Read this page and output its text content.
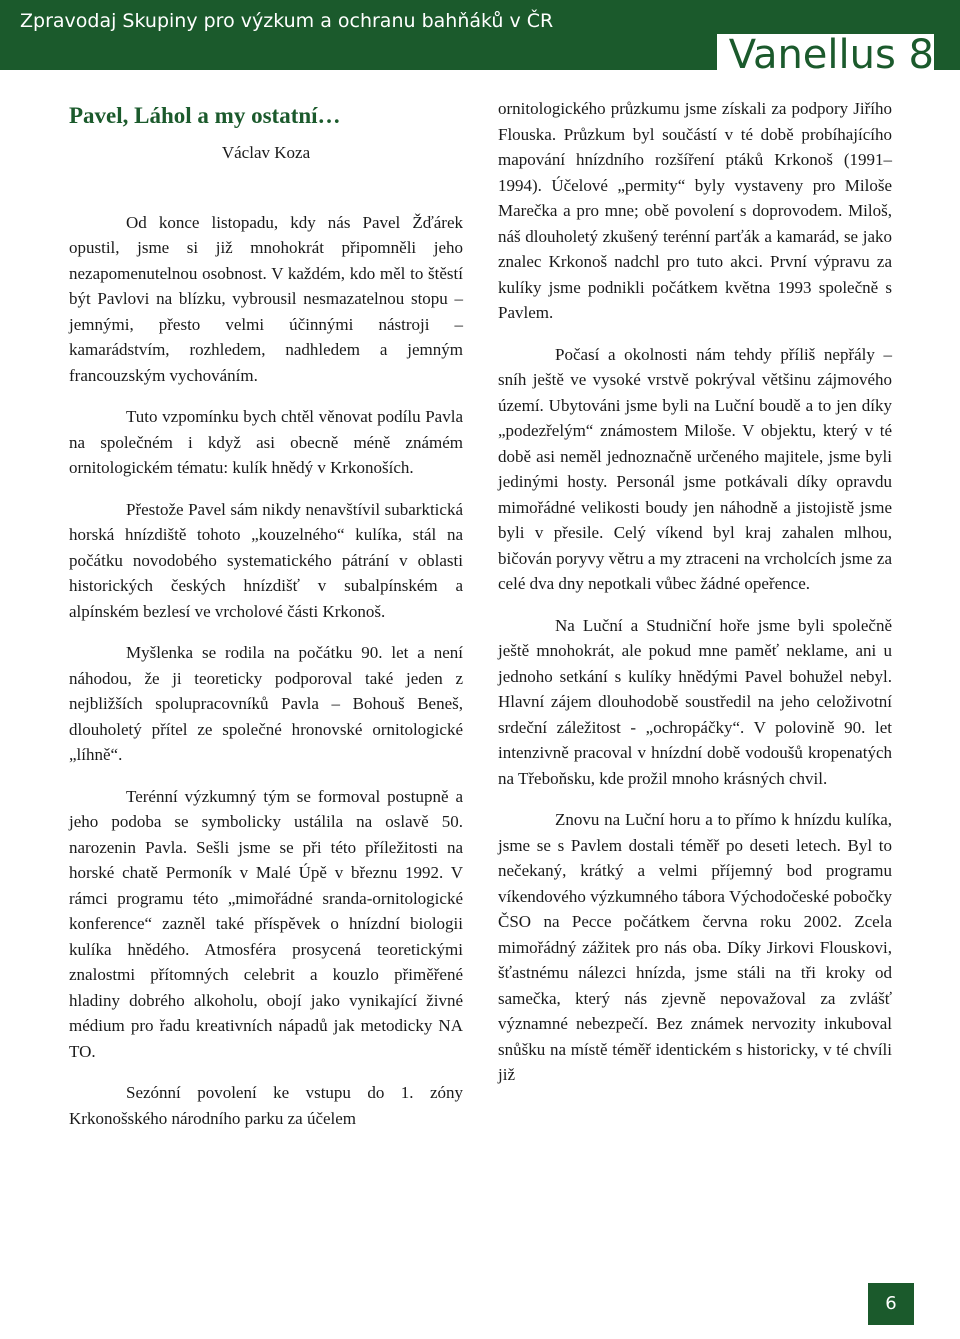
Zpravodaj Skupiny pro výzkum a ochranu bahňáků v ČR
Vanellus 8
Pavel, Láhol a my ostatní…
Václav Koza

Od konce listopadu, kdy nás Pavel Žďárek opustil, jsme si již mnohokrát připomněli jeho nezapomenutelnou osobnost. V každém, kdo měl to štěstí být Pavlovi na blízku, vybrousil nesmazatelnou stopu – jemnými, přesto velmi účinnými nástroji – kamarádstvím, rozhledem, nadhledem a jemným francouzským vychováním.

Tuto vzpomínku bych chtěl věnovat podílu Pavla na společném i když asi obecně méně známém ornitologickém tématu: kulík hnědý v Krkonoších.

Přestože Pavel sám nikdy nenavštívil subarktická horská hnízdiště tohoto „kouzelného“ kulíka, stál na počátku novodobého systematického pátrání v oblasti historických českých hnízdišť v subalpínském a alpínském bezlesí ve vrcholové části Krkonoš.

Myšlenka se rodila na počátku 90. let a není náhodou, že ji teoreticky podporoval také jeden z nejbližších spolupracovníků Pavla – Bohouš Beneš, dlouholetý přítel ze společné hronovské ornitologické „líhně“.

Terénní výzkumný tým se formoval postupně a jeho podoba se symbolicky ustálila na oslavě 50. narozenin Pavla. Sešli jsme se při této příležitosti na horské chatě Permoník v Malé Úpě v březnu 1992. V rámci programu této „mimořádné sranda-ornitologické konference“ zazněl také příspěvek o hnízdní biologii kulíka hnědého. Atmosféra prosycená teoretickými znalostmi přítomných celebrit a kouzlo přiměřené hladiny dobrého alkoholu, obojí jako vynikající živné médium pro řadu kreativních nápadů jak metodicky NA TO.

Sezónní povolení ke vstupu do 1. zóny Krkonošského národního parku za účelem

ornitologického průzkumu jsme získali za podpory Jiřího Flouska. Průzkum byl součástí v té době probíhajícího mapování hnízdního rozšíření ptáků Krkonoš (1991–1994). Účelové „permity“ byly vystaveny pro Miloše Marečka a pro mne; obě povolení s doprovodem. Miloš, náš dlouholetý zkušený terénní parťák a kamarád, se jako znalec Krkonoš nadchl pro tuto akci. První výpravu za kulíky jsme podnikli počátkem května 1993 společně s Pavlem.

Počasí a okolnosti nám tehdy příliš nepřály – sníh ještě ve vysoké vrstvě pokrýval většinu zájmového území. Ubytováni jsme byli na Luční boudě a to jen díky „podezřelým“ známostem Miloše. V objektu, který v té době asi neměl jednoznačně určeného majitele, jsme byli jedinými hosty. Personál jsme potkávali díky opravdu mimořádné velikosti boudy jen náhodně a jistojistě jsme byli v přesile. Celý víkend byl kraj zahalen mlhou, bičován poryvy větru a my ztraceni na vrcholcích jsme za celé dva dny nepotkali vůbec žádné opeřence.

Na Luční a Studniční hoře jsme byli společně ještě mnohokrát, ale pokud mne paměť neklame, ani u jednoho setkání s kulíky hnědými Pavel bohužel nebyl. Hlavní zájem dlouhodobě soustředil na jeho celoživotní srdeční záležitost - „ochropáčky“. V polovině 90. let intenzivně pracoval v hnízdní době vodoušů kropenatých na Třeboňsku, kde prožil mnoho krásných chvil.

Znovu na Luční horu a to přímo k hnízdu kulíka, jsme se s Pavlem dostali téměř po deseti letech. Byl to nečekaný, krátký a velmi příjemný bod programu víkendového výzkumného tábora Východočeské pobočky ČSO na Pecce počátkem června roku 2002. Zcela mimořádný zážitek pro nás oba. Díky Jirkovi Flouskovi, šťastnému nálezci hnízda, jsme stáli na tři kroky od samečka, který nás zjevně nepovažoval za zvlášť významné nebezpečí. Bez známek nervozity inkuboval snůšku na místě téměř identickém s historicky, v té chvíli již

6
